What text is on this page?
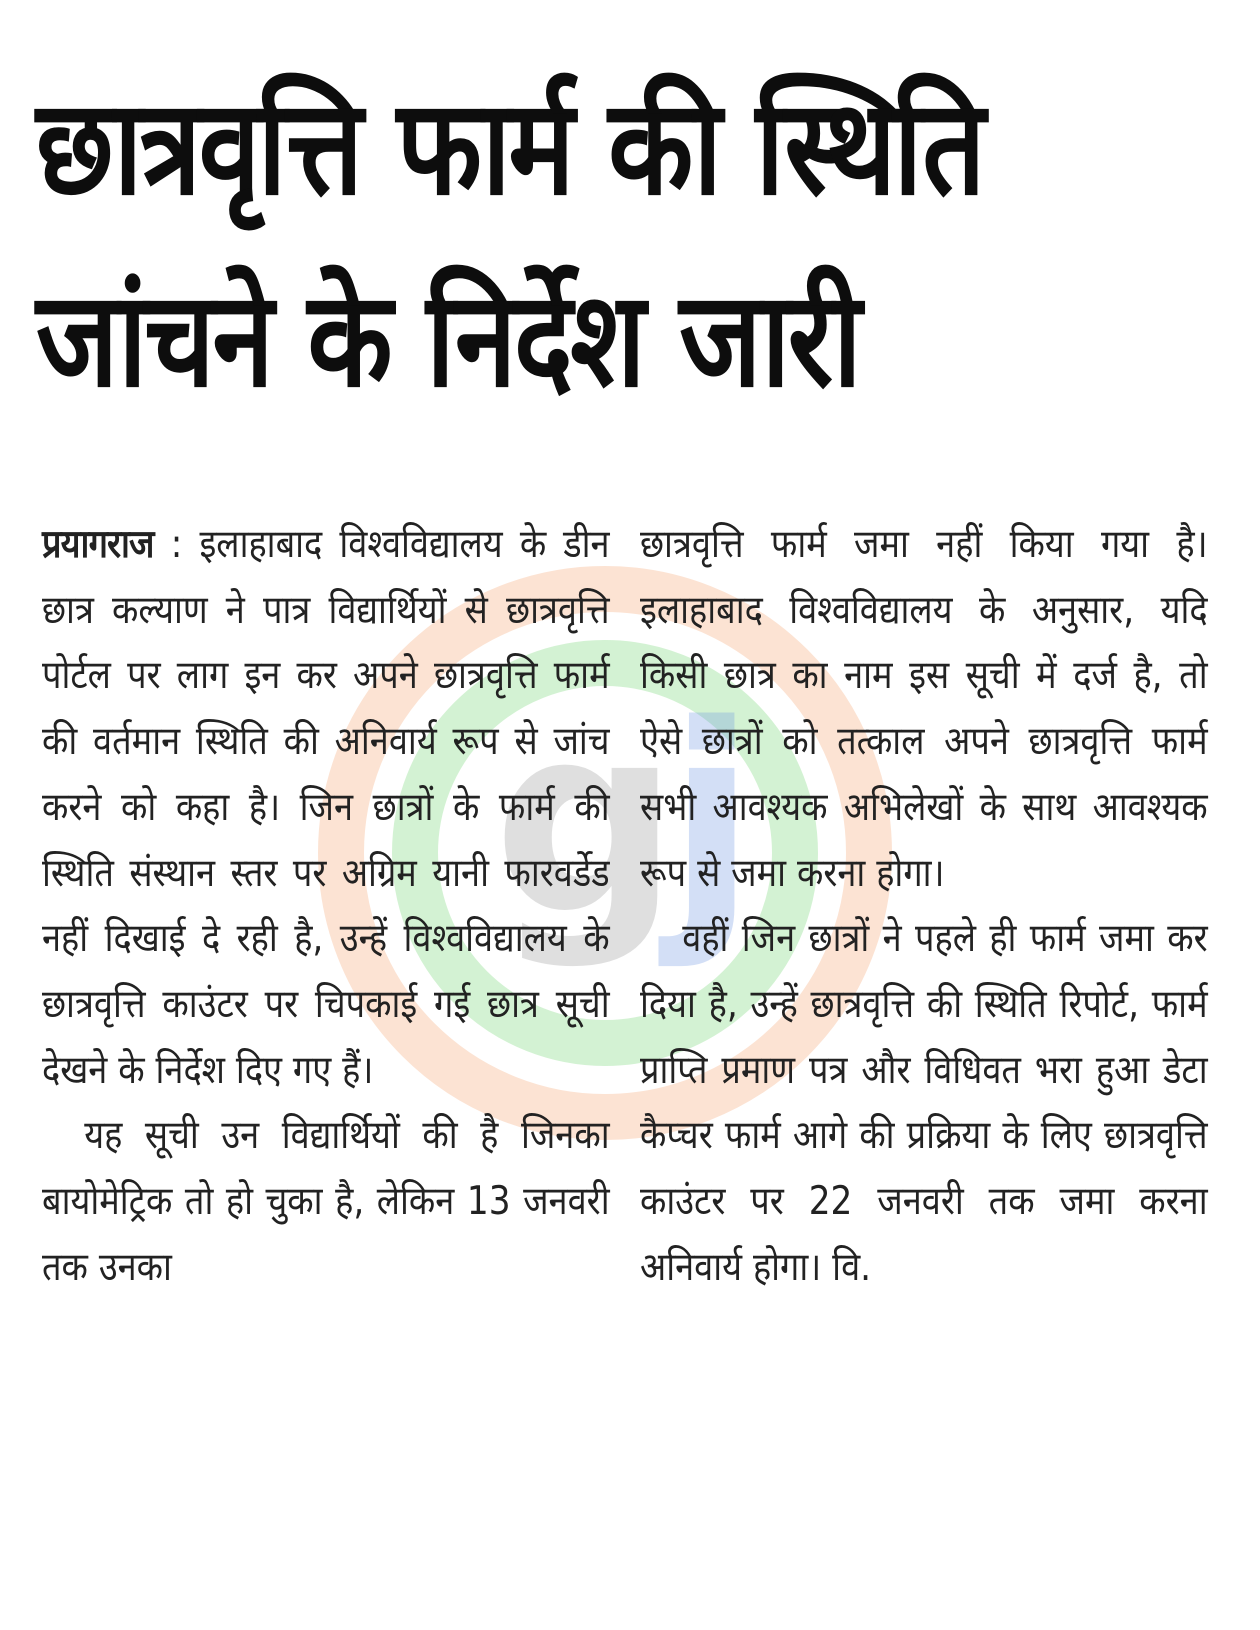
छात्रवृत्ति फार्म की स्थिति
जांचने के निर्देश जारी
gj

प्रयागराज : इलाहाबाद विश्वविद्यालय के डीन छात्र कल्याण ने पात्र विद्यार्थियों से छात्रवृत्ति पोर्टल पर लाग इन कर अपने छात्रवृत्ति फार्म की वर्तमान स्थिति की अनिवार्य रूप से जांच करने को कहा है। जिन छात्रों के फार्म की स्थिति संस्थान स्तर पर अग्रिम यानी फारवर्डेड नहीं दिखाई दे रही है, उन्हें विश्वविद्यालय के छात्रवृत्ति काउंटर पर चिपकाई गई छात्र सूची देखने के निर्देश दिए गए हैं।

यह सूची उन विद्यार्थियों की है जिनका बायोमेट्रिक तो हो चुका है, लेकिन 13 जनवरी तक उनका

छात्रवृत्ति फार्म जमा नहीं किया गया है। इलाहाबाद विश्वविद्यालय के अनुसार, यदि किसी छात्र का नाम इस सूची में दर्ज है, तो ऐसे छात्रों को तत्काल अपने छात्रवृत्ति फार्म सभी आवश्यक अभिलेखों के साथ आवश्यक रूप से जमा करना होगा।

वहीं जिन छात्रों ने पहले ही फार्म जमा कर दिया है, उन्हें छात्रवृत्ति की स्थिति रिपोर्ट, फार्म प्राप्ति प्रमाण पत्र और विधिवत भरा हुआ डेटा कैप्चर फार्म आगे की प्रक्रिया के लिए छात्रवृत्ति काउंटर पर 22 जनवरी तक जमा करना अनिवार्य होगा। वि.
